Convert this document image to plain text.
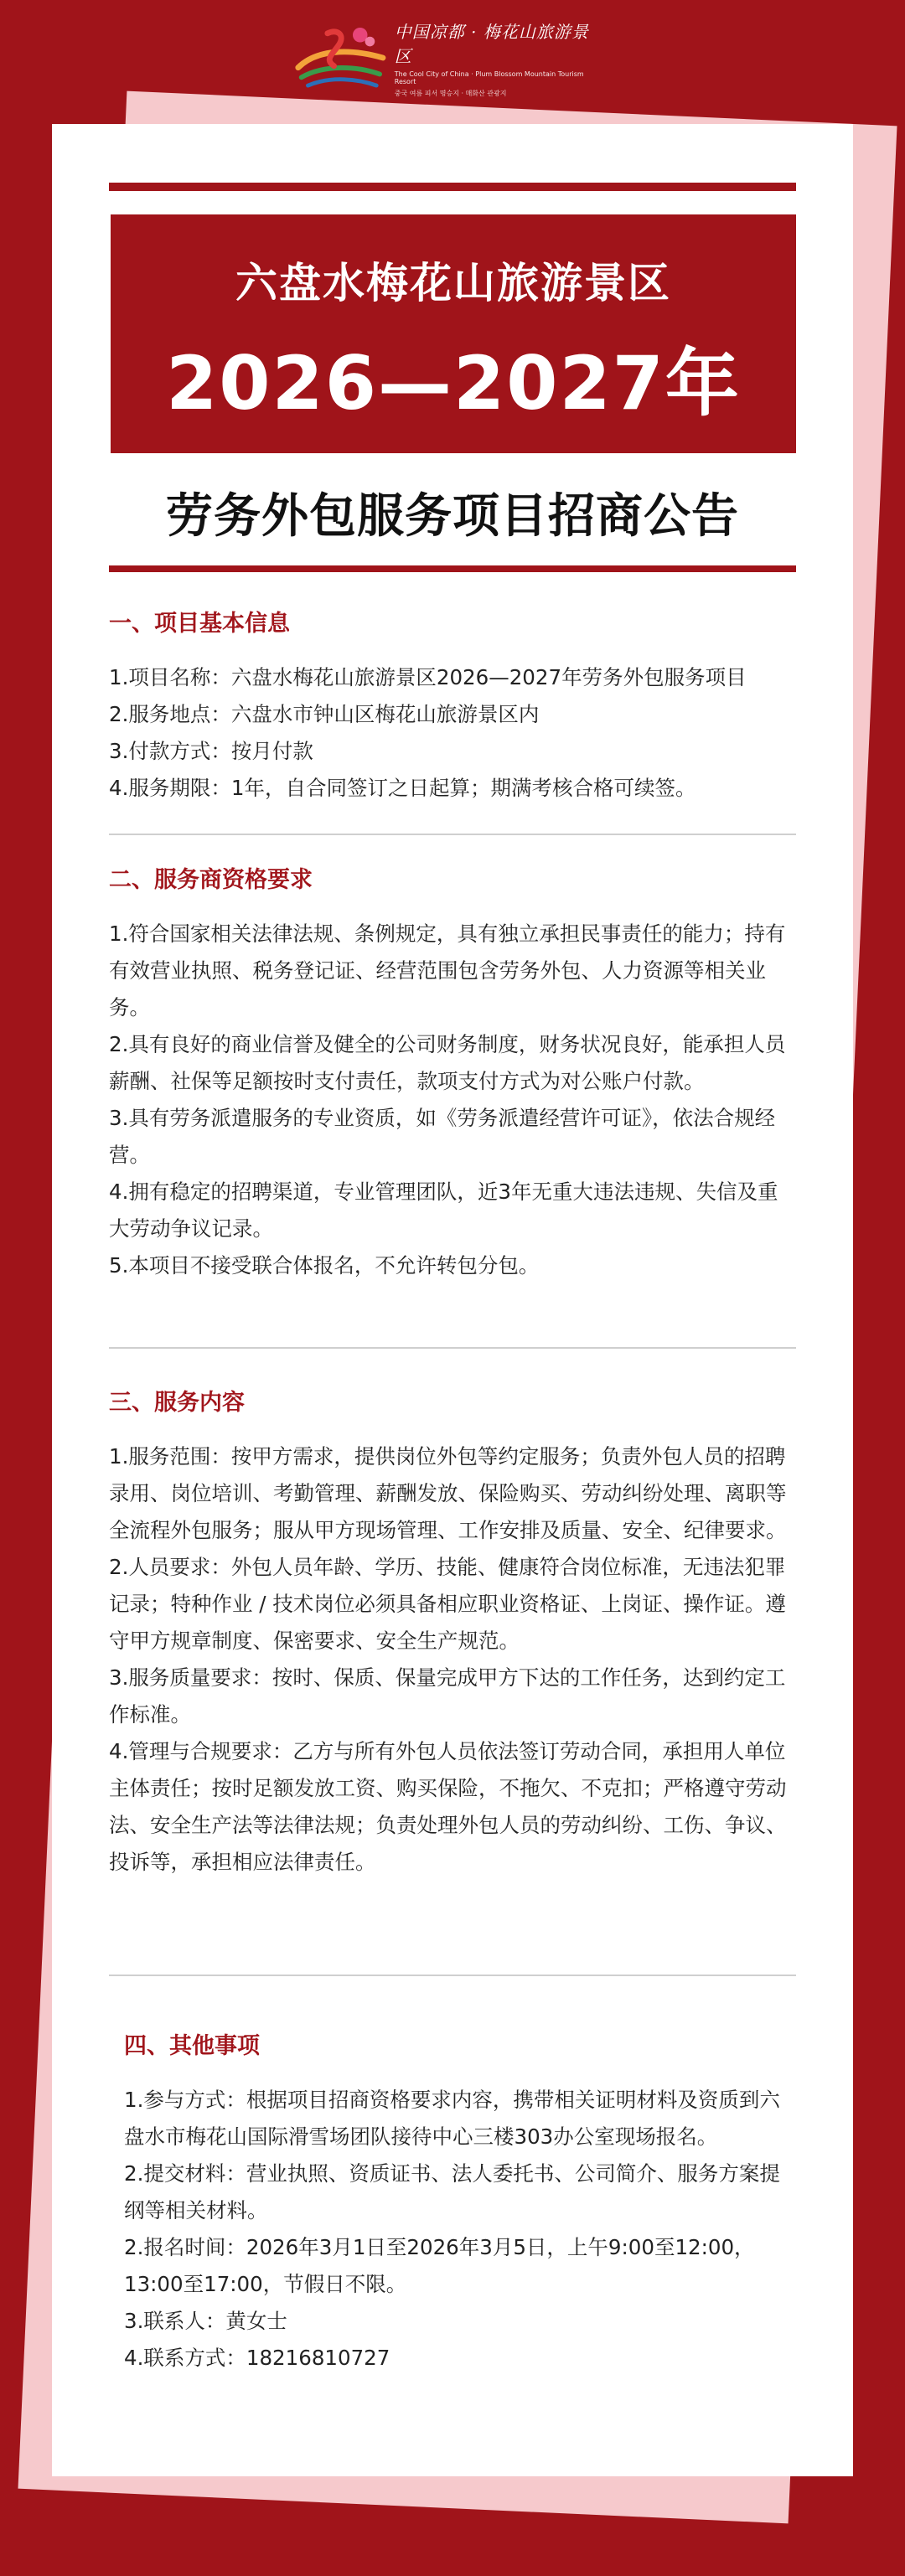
中国凉都 · 梅花山旅游景区
The Cool City of China · Plum Blossom Mountain Tourism Resort
중국 여름 피서 명승지 · 매화산 관광지
六盘水梅花山旅游景区
2026—2027年
劳务外包服务项目招商公告
一、项目基本信息

1.项目名称：六盘水梅花山旅游景区2026—2027年劳务外包服务项目

2.服务地点：六盘水市钟山区梅花山旅游景区内

3.付款方式：按月付款

4.服务期限：1年，自合同签订之日起算；期满考核合格可续签。

二、服务商资格要求

1.符合国家相关法律法规、条例规定，具有独立承担民事责任的能力；持有有效营业执照、税务登记证、经营范围包含劳务外包、人力资源等相关业务。

2.具有良好的商业信誉及健全的公司财务制度，财务状况良好，能承担人员薪酬、社保等足额按时支付责任，款项支付方式为对公账户付款。

3.具有劳务派遣服务的专业资质，如《劳务派遣经营许可证》，依法合规经营。

4.拥有稳定的招聘渠道，专业管理团队，近3年无重大违法违规、失信及重大劳动争议记录。

5.本项目不接受联合体报名，不允许转包分包。

三、服务内容

1.服务范围：按甲方需求，提供岗位外包等约定服务；负责外包人员的招聘录用、岗位培训、考勤管理、薪酬发放、保险购买、劳动纠纷处理、离职等全流程外包服务；服从甲方现场管理、工作安排及质量、安全、纪律要求。

2.人员要求：外包人员年龄、学历、技能、健康符合岗位标准，无违法犯罪记录；特种作业 / 技术岗位必须具备相应职业资格证、上岗证、操作证。遵守甲方规章制度、保密要求、安全生产规范。

3.服务质量要求：按时、保质、保量完成甲方下达的工作任务，达到约定工作标准。

4.管理与合规要求：乙方与所有外包人员依法签订劳动合同，承担用人单位主体责任；按时足额发放工资、购买保险，不拖欠、不克扣；严格遵守劳动法、安全生产法等法律法规；负责处理外包人员的劳动纠纷、工伤、争议、投诉等，承担相应法律责任。

四、其他事项

1.参与方式：根据项目招商资格要求内容，携带相关证明材料及资质到六盘水市梅花山国际滑雪场团队接待中心三楼303办公室现场报名。

2.提交材料：营业执照、资质证书、法人委托书、公司简介、服务方案提纲等相关材料。

2.报名时间：2026年3月1日至2026年3月5日，上午9:00至12:00，13:00至17:00，节假日不限。

3.联系人：黄女士

4.联系方式：18216810727
